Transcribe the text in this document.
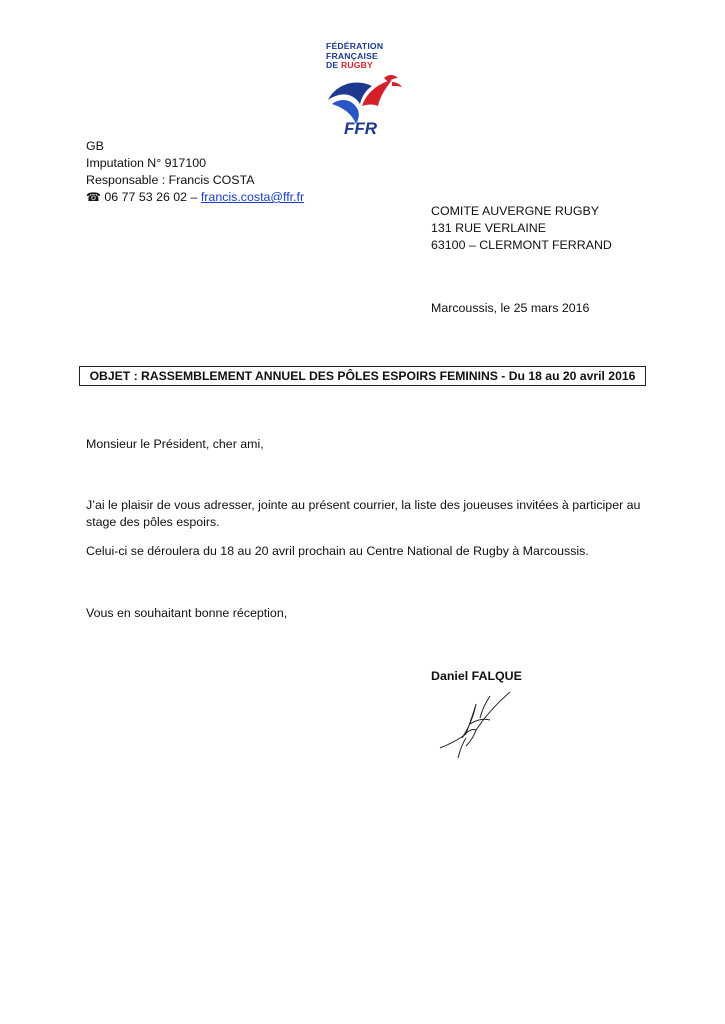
FÉDÉRATION
FRANÇAISE
DE RUGBY
FFR
GB
Imputation N° 917100
Responsable : Francis COSTA
☎ 06 77 53 26 02 – francis.costa@ffr.fr
COMITE AUVERGNE RUGBY
131 RUE VERLAINE
63100 – CLERMONT FERRAND
Marcoussis, le 25 mars 2016
OBJET : RASSEMBLEMENT ANNUEL DES PÔLES ESPOIRS FEMININS - Du 18 au 20 avril 2016
Monsieur le Président, cher ami,
J’ai le plaisir de vous adresser, jointe au présent courrier, la liste des joueuses invitées à participer au stage des pôles espoirs.
Celui-ci se déroulera du 18 au 20 avril prochain au Centre National de Rugby à Marcoussis.
Vous en souhaitant bonne réception,
Daniel FALQUE
